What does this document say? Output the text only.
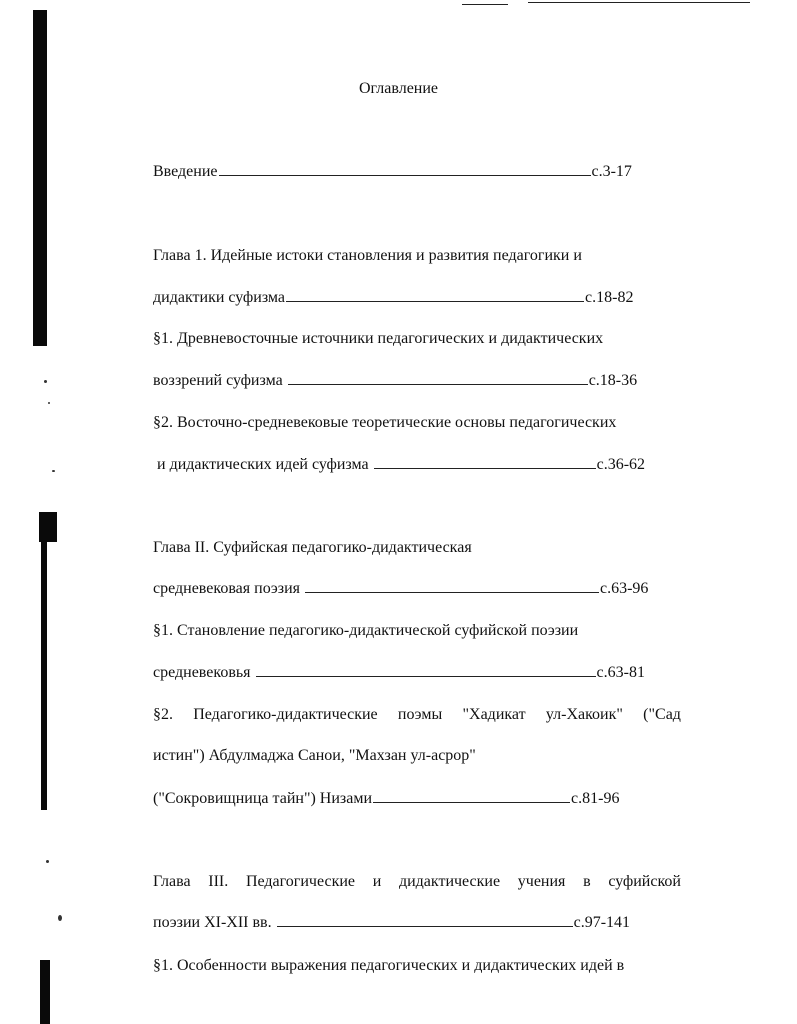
Оглавление
Введение	с.3-17
Глава 1. Идейные истоки становления и развития педагогики и
дидактики суфизма	с.18-82
§1. Древневосточные источники педагогических и дидактических
воззрений суфизма	с.18-36
§2. Восточно-средневековые теоретические основы педагогических
и дидактических идей суфизма	с.36-62
Глава II. Суфийская педагогико-дидактическая
средневековая поэзия	с.63-96
§1. Становление педагогико-дидактической суфийской поэзии
средневековья	с.63-81
§2. Педагогико-дидактические поэмы "Хадикат ул-Хакоик" ("Сад
истин") Абдулмаджа Санои, "Махзан ул-асрор"
("Сокровищница тайн") Низами	с.81-96
Глава III. Педагогические и дидактические учения в суфийской
поэзии XI-XII вв.	с.97-141
§1. Особенности выражения педагогических и дидактических идей в
